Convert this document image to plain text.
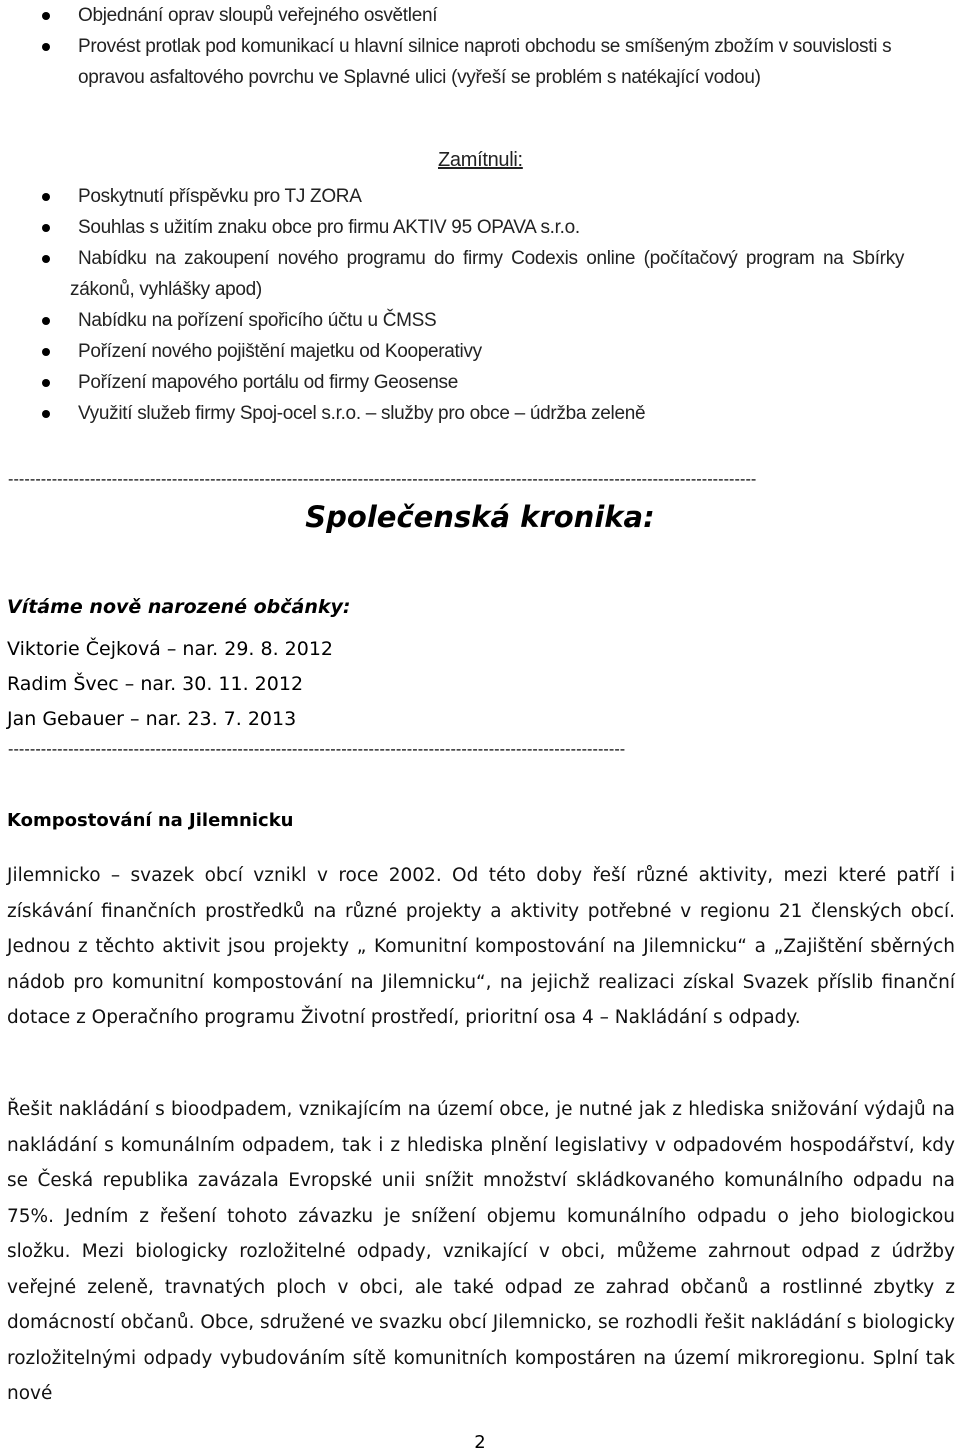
Objednání oprav sloupů veřejného osvětlení
Provést protlak pod komunikací u hlavní silnice naproti obchodu se smíšeným zbožím v souvislosti s opravou asfaltového povrchu ve Splavné ulici (vyřeší se problém s natékající vodou)
Zamítnuli:
Poskytnutí příspěvku pro TJ ZORA
Souhlas s užitím znaku obce pro firmu AKTIV 95 OPAVA s.r.o.
Nabídku na zakoupení nového programu do firmy Codexis online (počítačový program na Sbírky
zákonů, vyhlášky apod)
Nabídku na pořízení spořicího účtu u ČMSS
Pořízení nového pojištění majetku od Kooperativy
Pořízení mapového portálu od firmy Geosense
Využití služeb firmy Spoj-ocel s.r.o. – služby pro obce – údržba zeleně
-----------------------------------------------------------------------------------------------------------------------------------------
Společenská kronika:
Vítáme nově narozené občánky:
Viktorie Čejková – nar. 29. 8. 2012
Radim Švec – nar. 30. 11. 2012
Jan Gebauer – nar. 23. 7. 2013
-----------------------------------------------------------------------------------------------------------------
Kompostování na Jilemnicku

Jilemnicko – svazek obcí vznikl v roce 2002. Od této doby řeší různé aktivity, mezi které patří i získávání finančních prostředků na různé projekty a aktivity potřebné v regionu 21 členských obcí. Jednou z těchto aktivit jsou projekty „ Komunitní kompostování na Jilemnicku“ a „Zajištění sběrných nádob pro komunitní kompostování na Jilemnicku“, na jejichž realizaci získal Svazek příslib finanční dotace z Operačního programu Životní prostředí, prioritní osa 4 – Nakládání s odpady.

Řešit nakládání s bioodpadem, vznikajícím na území obce, je nutné jak z hlediska snižování výdajů na nakládání s komunálním odpadem, tak i z hlediska plnění legislativy v odpadovém hospodářství, kdy se Česká republika zavázala Evropské unii snížit množství skládkovaného komunálního odpadu na 75%. Jedním z řešení tohoto závazku je snížení objemu komunálního odpadu o jeho biologickou složku. Mezi biologicky rozložitelné odpady, vznikající v obci, můžeme zahrnout odpad z údržby veřejné zeleně, travnatých ploch v obci, ale také odpad ze zahrad občanů a rostlinné zbytky z domácností občanů. Obce, sdružené ve svazku obcí Jilemnicko, se rozhodli řešit nakládání s biologicky rozložitelnými odpady vybudováním sítě komunitních kompostáren na území mikroregionu. Splní tak nové

2
